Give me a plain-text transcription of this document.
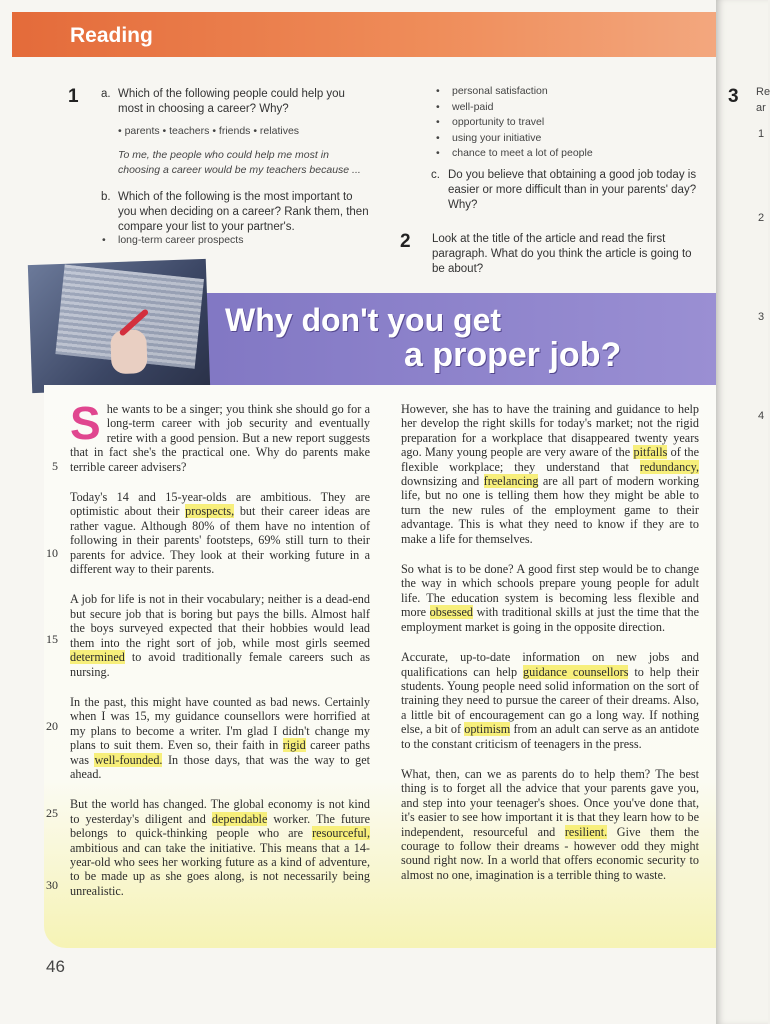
Reading
1 a. Which of the following people could help you most in choosing a career? Why?
• parents • teachers • friends • relatives
To me, the people who could help me most in choosing a career would be my teachers because ...
b. Which of the following is the most important to you when deciding on a career? Rank them, then compare your list to your partner's.
• long-term career prospects
• personal satisfaction
• well-paid
• opportunity to travel
• using your initiative
• chance to meet a lot of people
c. Do you believe that obtaining a good job today is easier or more difficult than in your parents' day? Why?
2 Look at the title of the article and read the first paragraph. What do you think the article is going to be about?
Why don't you get
a proper job?

She wants to be a singer; you think she should go for a long-term career with job security and eventually retire with a good pension. But a new report suggests that in fact she's the practical one. Why do parents make terrible career advisers?

Today's 14 and 15-year-olds are ambitious. They are optimistic about their prospects, but their career ideas are rather vague. Although 80% of them have no intention of following in their parents' footsteps, 69% still turn to their parents for advice. They look at their working future in a different way to their parents.

A job for life is not in their vocabulary; neither is a dead-end but secure job that is boring but pays the bills. Almost half the boys surveyed expected that their hobbies would lead them into the right sort of job, while most girls seemed determined to avoid traditionally female careers such as nursing.

In the past, this might have counted as bad news. Certainly when I was 15, my guidance counsellors were horrified at my plans to become a writer. I'm glad I didn't change my plans to suit them. Even so, their faith in rigid career paths was well-founded. In those days, that was the way to get ahead.

But the world has changed. The global economy is not kind to yesterday's diligent and dependable worker. The future belongs to quick-thinking people who are resourceful, ambitious and can take the initiative. This means that a 14-year-old who sees her working future as a kind of adventure, to be made up as she goes along, is not necessarily being unrealistic.

However, she has to have the training and guidance to help her develop the right skills for today's market; not the rigid preparation for a workplace that disappeared twenty years ago. Many young people are very aware of the pitfalls of the flexible workplace; they understand that redundancy, downsizing and freelancing are all part of modern working life, but no one is telling them how they might be able to turn the new rules of the employment game to their advantage. This is what they need to know if they are to make a life for themselves.

So what is to be done? A good first step would be to change the way in which schools prepare young people for adult life. The education system is becoming less flexible and more obsessed with traditional skills at just the time that the employment market is going in the opposite direction.

Accurate, up-to-date information on new jobs and qualifications can help guidance counsellors to help their students. Young people need solid information on the sort of training they need to pursue the career of their dreams. Also, a little bit of encouragement can go a long way. If nothing else, a bit of optimism from an adult can serve as an antidote to the constant criticism of teenagers in the press.

What, then, can we as parents do to help them? The best thing is to forget all the advice that your parents gave you, and step into your teenager's shoes. Once you've done that, it's easier to see how important it is that they learn how to be independent, resourceful and resilient. Give them the courage to follow their dreams - however odd they might sound right now. In a world that offers economic security to almost no one, imagination is a terrible thing to waste.

5
10
15
20
25
30
46
3 Re
ar
1
2
3
4
